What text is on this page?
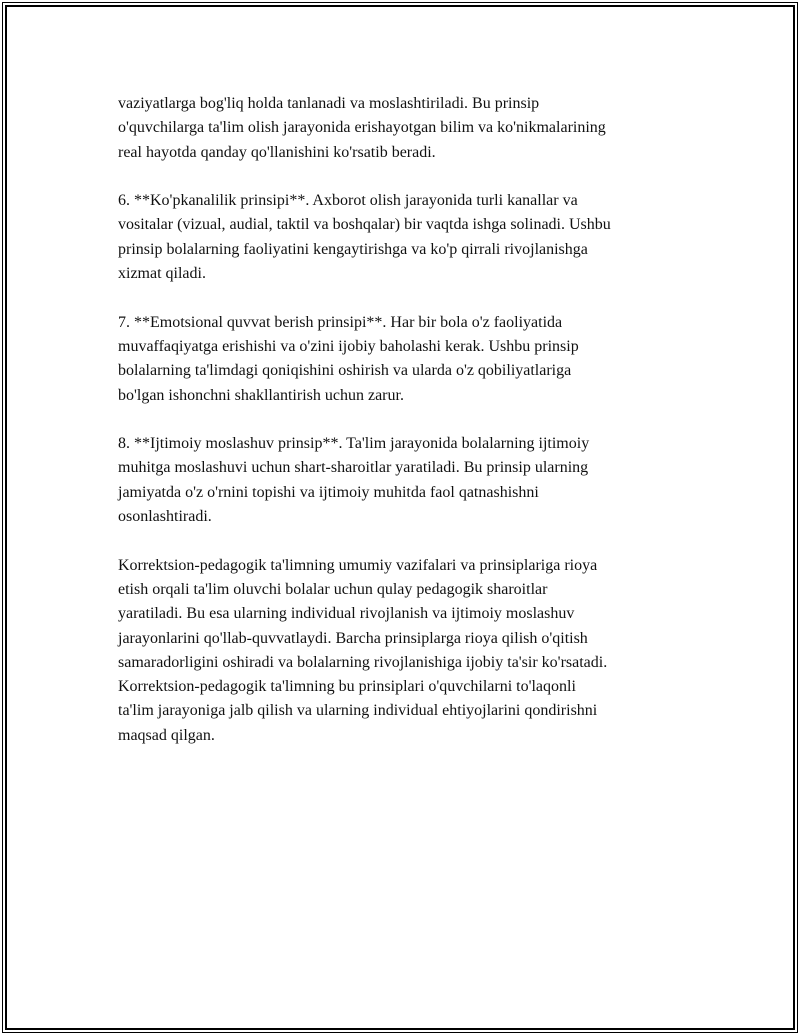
vaziyatlarga bog'liq holda tanlanadi va moslashtiriladi. Bu prinsip
o'quvchilarga ta'lim olish jarayonida erishayotgan bilim va ko'nikmalarining
real hayotda qanday qo'llanishini ko'rsatib beradi.

6. **Ko'pkanalilik prinsipi**. Axborot olish jarayonida turli kanallar va
vositalar (vizual, audial, taktil va boshqalar) bir vaqtda ishga solinadi. Ushbu
prinsip bolalarning faoliyatini kengaytirishga va ko'p qirrali rivojlanishga
xizmat qiladi.

7. **Emotsional quvvat berish prinsipi**. Har bir bola o'z faoliyatida
muvaffaqiyatga erishishi va o'zini ijobiy baholashi kerak. Ushbu prinsip
bolalarning ta'limdagi qoniqishini oshirish va ularda o'z qobiliyatlariga
bo'lgan ishonchni shakllantirish uchun zarur.

8. **Ijtimoiy moslashuv prinsip**. Ta'lim jarayonida bolalarning ijtimoiy
muhitga moslashuvi uchun shart-sharoitlar yaratiladi. Bu prinsip ularning
jamiyatda o'z o'rnini topishi va ijtimoiy muhitda faol qatnashishni
osonlashtiradi.

Korrektsion-pedagogik ta'limning umumiy vazifalari va prinsiplariga rioya
etish orqali ta'lim oluvchi bolalar uchun qulay pedagogik sharoitlar
yaratiladi. Bu esa ularning individual rivojlanish va ijtimoiy moslashuv
jarayonlarini qo'llab-quvvatlaydi. Barcha prinsiplarga rioya qilish o'qitish
samaradorligini oshiradi va bolalarning rivojlanishiga ijobiy ta'sir ko'rsatadi.
Korrektsion-pedagogik ta'limning bu prinsiplari o'quvchilarni to'laqonli
ta'lim jarayoniga jalb qilish va ularning individual ehtiyojlarini qondirishni
maqsad qilgan.
